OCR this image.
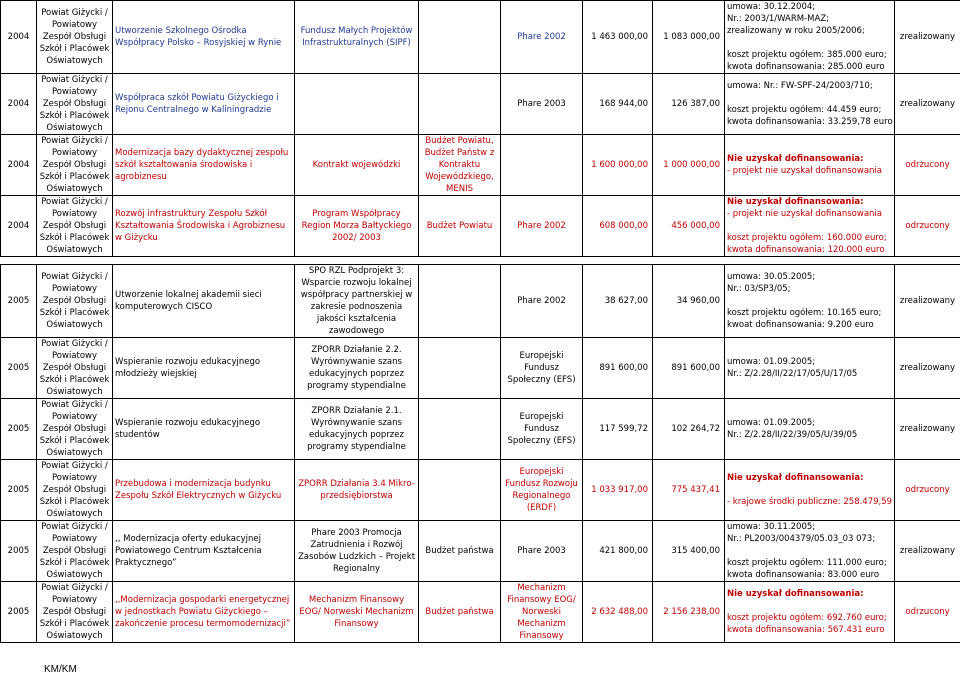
2004	Powiat Giżycki / Powiatowy Zespół Obsługi Szkół i Placówek Oświatowych	Utworzenie Szkolnego Ośrodka Współpracy Polsko – Rosyjskiej w Rynie	Fundusz Małych Projektów Infrastrukturalnych (SIPF)		Phare 2002	1 463 000,00	1 083 000,00	umowa: 30.12.2004;
Nr.: 2003/1/WARM-MAZ;
zrealizowany w roku 2005/2006;

koszt projektu ogółem: 385.000 euro;
kwota dofinansowania: 285.000 euro	zrealizowany
2004	Powiat Giżycki / Powiatowy Zespół Obsługi Szkół i Placówek Oświatowych	Współpraca szkół Powiatu Giżyckiego i Rejonu Centralnego w Kaliningradzie			Phare 2003	168 944,00	126 387,00	umowa: Nr.: FW-SPF-24/2003/710;

koszt projektu ogółem: 44.459 euro;
kwota dofinansowania: 33.259,78 euro	zrealizowany
2004	Powiat Giżycki / Powiatowy Zespół Obsługi Szkół i Placówek Oświatowych	Modernizacja bazy dydaktycznej zespołu szkół kształtowania środowiska i agrobiznesu	Kontrakt wojewódzki	Budżet Powiatu, Budżet Państw z Kontraktu Wojewódzkiego, MENIS		1 600 000,00	1 000 000,00	Nie uzyskał dofinansowania:
- projekt nie uzyskał dofinansowania	odrzucony
2004	Powiat Giżycki / Powiatowy Zespół Obsługi Szkół i Placówek Oświatowych	Rozwój infrastruktury Zespołu Szkół Kształtowania Środowiska i Agrobiznesu w Giżycku	Program Współpracy Region Morza Bałtyckiego 2002/ 2003	Budżet Powiatu	Phare 2002	608 000,00	456 000,00	Nie uzyskał dofinansowania:
- projekt nie uzyskał dofinansowania

koszt projektu ogółem: 160.000 euro;
kwota dofinansowania: 120.000 euro	odrzucony

2005	Powiat Giżycki / Powiatowy Zespół Obsługi Szkół i Placówek Oświatowych	Utworzenie lokalnej akademii sieci komputerowych CISCO	SPO RZL Podprojekt 3: Wsparcie rozwoju lokalnej współpracy partnerskiej w zakresie podnoszenia jakości kształcenia zawodowego		Phare 2002	38 627,00	34 960,00	umowa: 30.05.2005;
Nr.: 03/SP3/05;

koszt projektu ogółem: 10.165 euro;
kwoat dofinansowania: 9.200 euro	zrealizowany
2005	Powiat Giżycki / Powiatowy Zespół Obsługi Szkół i Placówek Oświatowych	Wspieranie rozwoju edukacyjnego młodzieży wiejskiej	ZPORR Działanie 2.2. Wyrównywanie szans edukacyjnych poprzez programy stypendialne		Europejski Fundusz Społeczny (EFS)	891 600,00	891 600,00	umowa: 01.09.2005;
Nr.: Z/2.28/II/22/17/05/U/17/05	zrealizowany
2005	Powiat Giżycki / Powiatowy Zespół Obsługi Szkół i Placówek Oświatowych	Wspieranie rozwoju edukacyjnego studentów	ZPORR Działanie 2.1. Wyrównywanie szans edukacyjnych poprzez programy stypendialne		Europejski Fundusz Społeczny (EFS)	117 599,72	102 264,72	umowa: 01.09.2005;
Nr.: Z/2.28/II/22/39/05/U/39/05	zrealizowany
2005	Powiat Giżycki / Powiatowy Zespół Obsługi Szkół i Placówek Oświatowych	Przebudowa i modernizacja budynku Zespołu Szkół Elektrycznych w Giżycku	ZPORR Działania 3.4 Mikro- przedsiębiorstwa		Europejski Fundusz Rozwoju Regionalnego (ERDF)	1 033 917,00	775 437,41	Nie uzyskał dofinansowania:

- krajowe środki publiczne: 258.479,59	odrzucony
2005	Powiat Giżycki / Powiatowy Zespół Obsługi Szkół i Placówek Oświatowych	,, Modernizacja oferty edukacyjnej Powiatowego Centrum Kształcenia Praktycznego”	Phare 2003 Promocja Zatrudnienia i Rozwój Zasobów Ludzkich – Projekt Regionalny	Budżet państwa	Phare 2003	421 800,00	315 400,00	umowa: 30.11.2005;
Nr.: PL2003/004379/05.03_03 073;

koszt projektu ogółem: 111.000 euro;
kwota dofinansowania: 83.000 euro	zrealizowany
2005	Powiat Giżycki / Powiatowy Zespół Obsługi Szkół i Placówek Oświatowych	,,Modernizacja gospodarki energetycznej w jednostkach Powiatu Giżyckiego – zakończenie procesu termomodernizacji”	Mechanizm Finansowy EOG/ Norweski Mechanizm Finansowy	Budżet państwa	Mechanizm Finansowy EOG/ Norweski Mechanizm Finansowy	2 632 488,00	2 156 238,00	Nie uzyskał dofinansowania:

koszt projektu ogółem: 692.760 euro;
kwota dofinansowania: 567.431 euro	odrzucony
KM/KM
